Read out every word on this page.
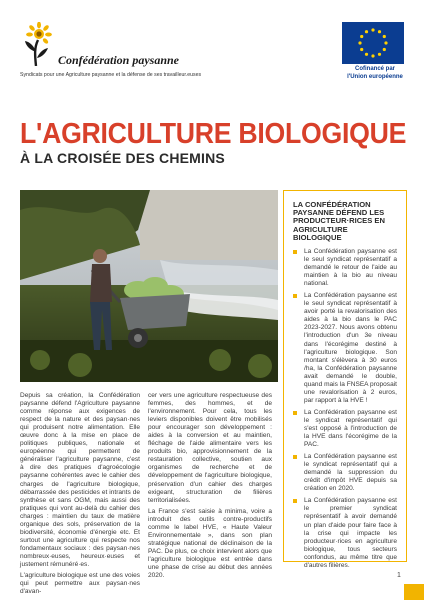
Confédération paysanne
Syndicats pour une Agriculture paysanne et la défense de ses travailleur.euses
Cofinancé par
l'Union européenne
L'AGRICULTURE BIOLOGIQUE
À LA CROISÉE DES CHEMINS

Depuis sa création, la Confédération paysanne défend l'Agriculture paysanne comme réponse aux exigences de respect de la nature et des paysan·nes qui produisent notre alimentation. Elle œuvre donc à la mise en place de politiques publiques, nationale et européenne qui permettent de généraliser l'agriculture paysanne, c'est à dire des pratiques d'agroécologie paysanne cohérentes avec le cahier des charges de l'agriculture biologique, débarrassée des pesticides et intrants de synthèse et sans OGM, mais aussi des pratiques qui vont au-delà du cahier des charges : maintien du taux de matière organique des sols, préservation de la biodiversité, économie d'énergie etc. Et surtout une agriculture qui respecte nos fondamentaux sociaux : des paysan·nes nombreux·euses, heureux·euses et justement rémunéré·es.

L'agriculture biologique est une des voies qui peut permettre aux paysan·nes d'avan-

cer vers une agriculture respectueuse des femmes, des hommes, et de l'environnement. Pour cela, tous les leviers disponibles doivent être mobilisés pour encourager son développement : aides à la conversion et au maintien, fléchage de l'aide alimentaire vers les produits bio, approvisionnement de la restauration collective, soutien aux organismes de recherche et de développement de l'agriculture biologique, préservation d'un cahier des charges exigeant, structuration de filières territorialisées.

La France s'est saisie à minima, voire a introduit des outils contre-productifs comme le label HVE, « Haute Valeur Environnementale », dans son plan stratégique national de déclinaison de la PAC. De plus, ce choix intervient alors que l'agriculture biologique est entrée dans une phase de crise au début des années 2020.

LA CONFÉDÉRATION PAYSANNE DÉFEND LES PRODUCTEUR·RICES EN AGRICULTURE BIOLOGIQUE
La Confédération paysanne est le seul syndicat représentatif a demandé le retour de l'aide au maintien à la bio au niveau national.
La Confédération paysanne est le seul syndicat représentatif à avoir porté la revalorisation des aides à la bio dans le PAC 2023-2027. Nous avons obtenu l'introduction d'un 3e niveau dans l'écorégime destiné à l'agriculture biologique. Son montant s'élèvera à 30 euros /ha, la Confédération paysanne avait demandé le double, quand mais la FNSEA proposait une revalorisation à 2 euros, par rapport à la HVE !
La Confédération paysanne est le syndicat représentatif qui s'est opposé à l'introduction de la HVE dans l'écorégime de la PAC.
La Confédération paysanne est le syndicat représentatif qui a demandé la suppression du crédit d'impôt HVE depuis sa création en 2020.
La Confédération paysanne est le premier syndicat représentatif à avoir demandé un plan d'aide pour faire face à la crise qui impacte les producteur·rices en agriculture biologique, tous secteurs confondus, au même titre que d'autres filières.
1
